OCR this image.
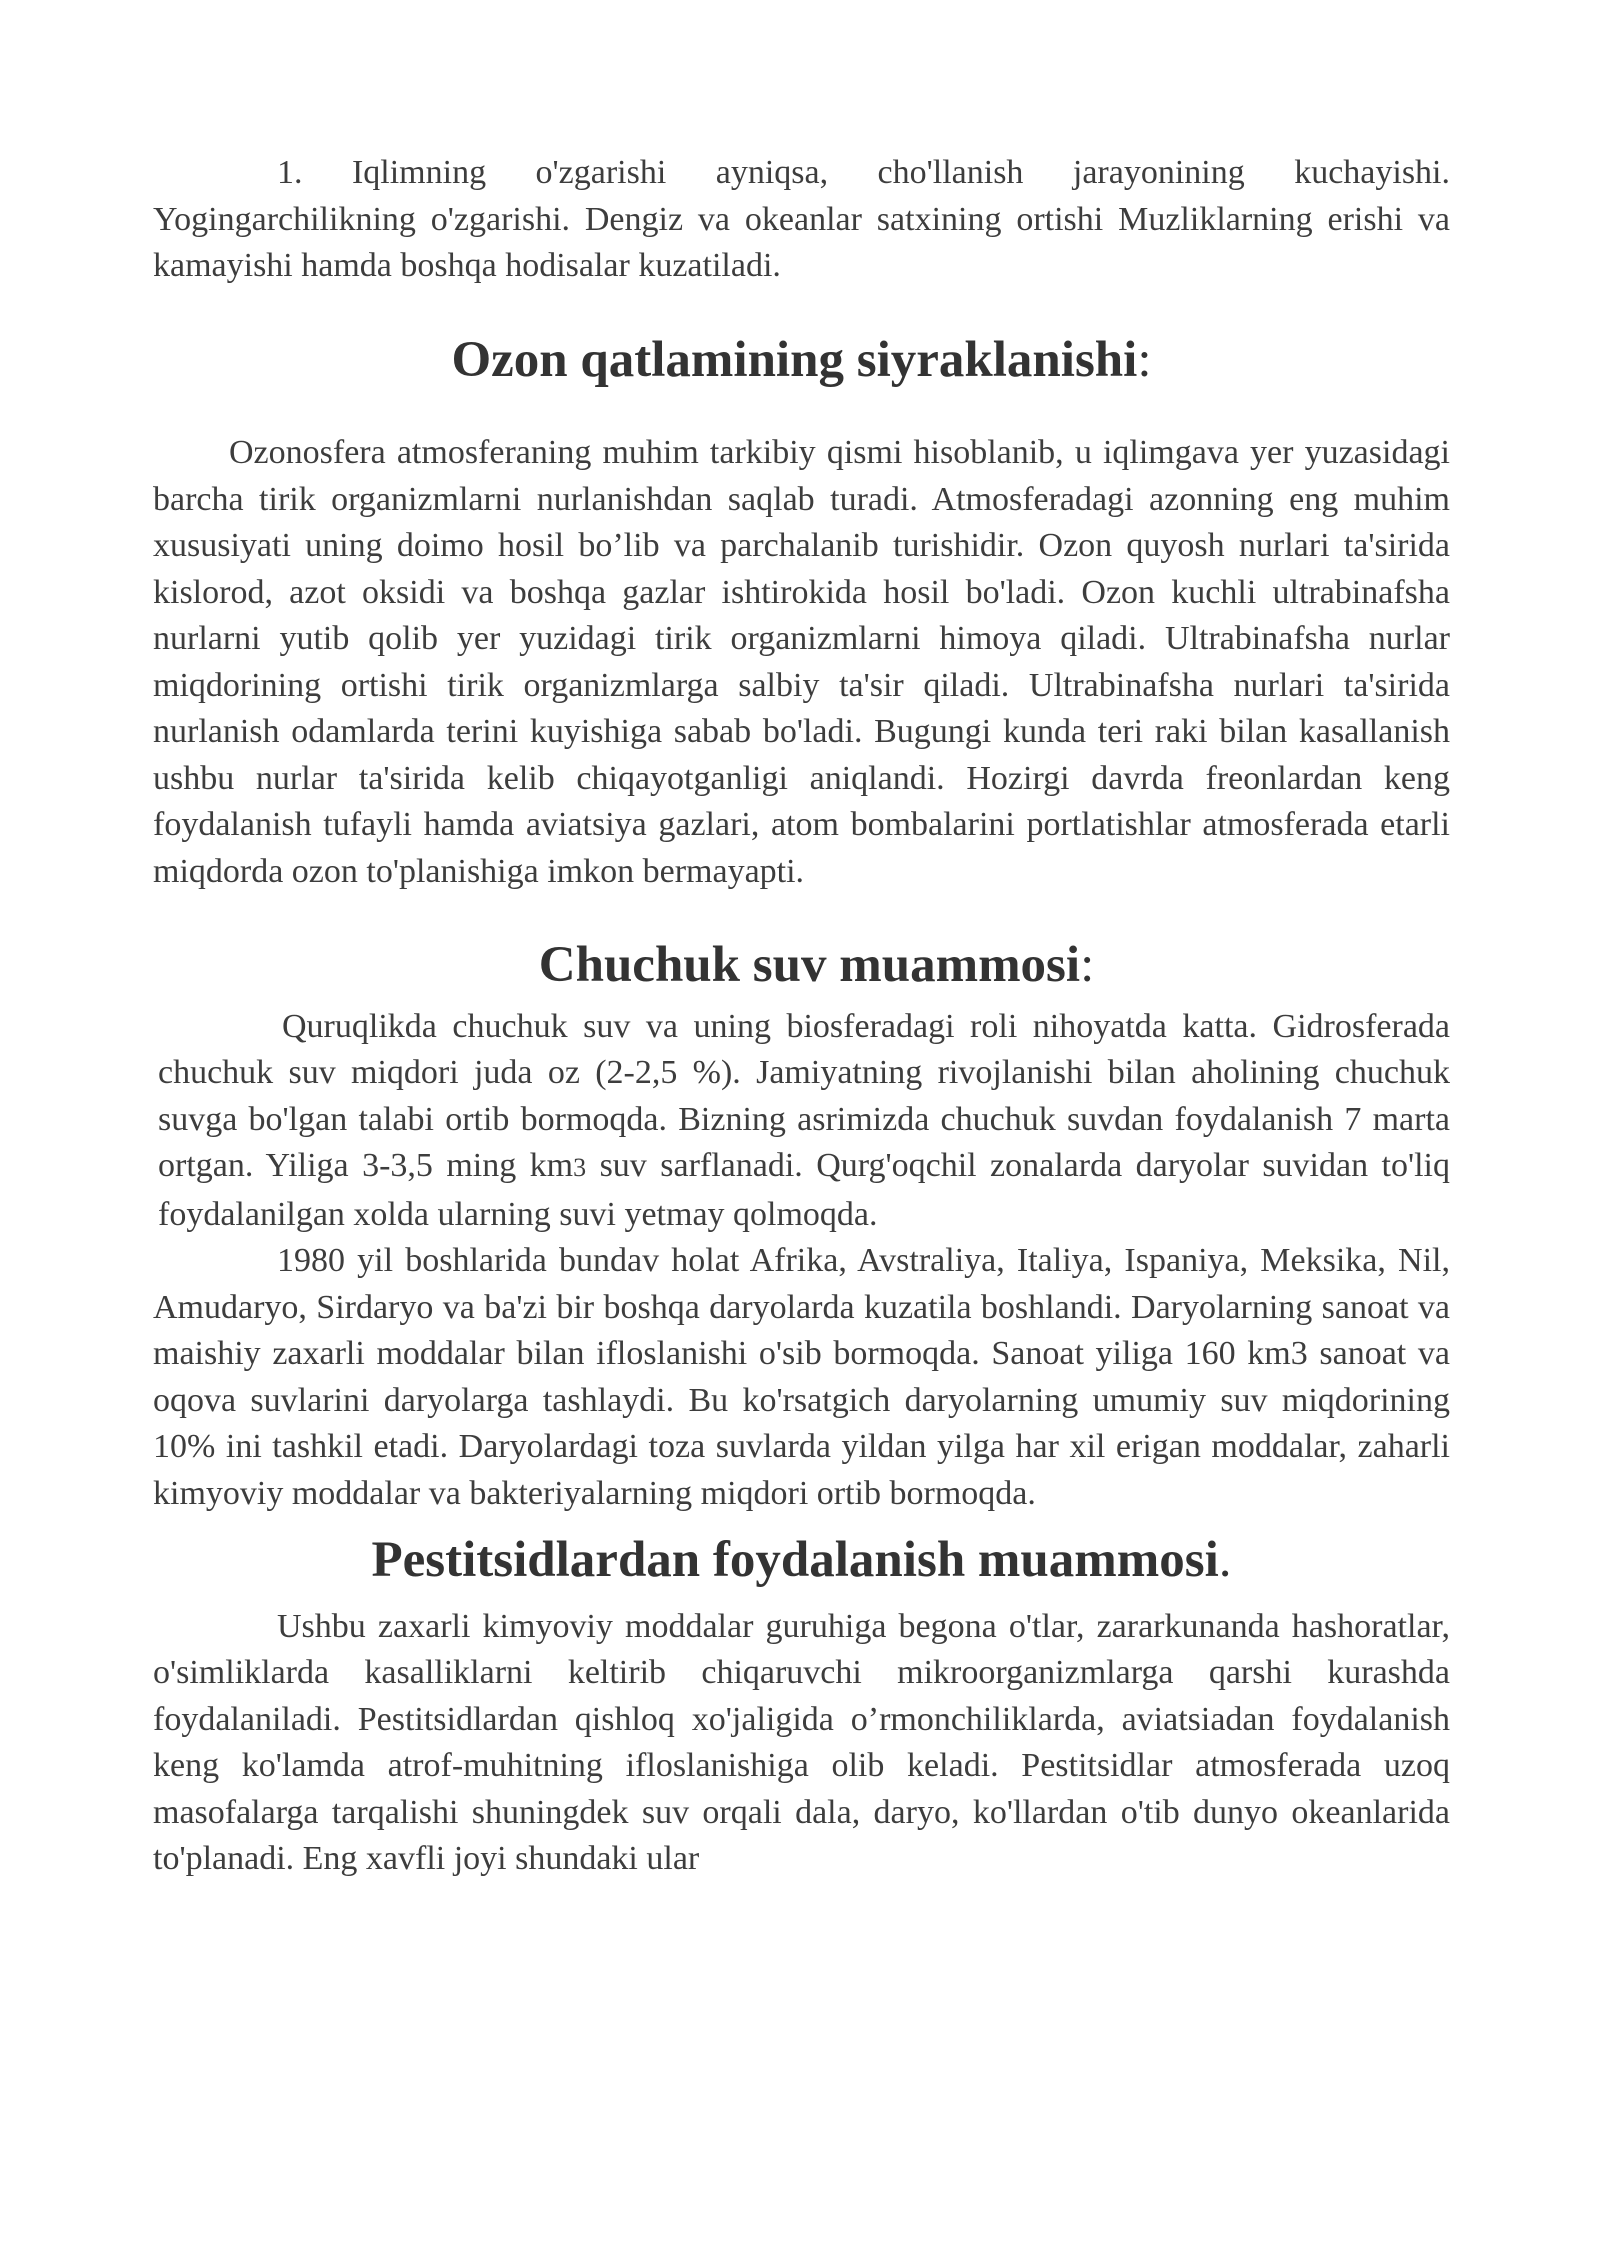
1. Iqlimning o'zgarishi ayniqsa, cho'llanish jarayonining kuchayishi. Yogingarchilikning o'zgarishi. Dengiz va okeanlar satxining ortishi Muzliklarning erishi va kamayishi hamda boshqa hodisalar kuzatiladi.

Ozon qatlamining siyraklanishi:

Ozonosfera atmosferaning muhim tarkibiy qismi hisoblanib, u iqlimgava yer yuzasidagi barcha tirik organizmlarni nurlanishdan saqlab turadi. Atmosferadagi azonning eng muhim xususiyati uning doimo hosil bo’lib va parchalanib turishidir. Ozon quyosh nurlari ta'sirida kislorod, azot oksidi va boshqa gazlar ishtirokida hosil bo'ladi. Ozon kuchli ultrabinafsha nurlarni yutib qolib yer yuzidagi tirik organizmlarni himoya qiladi. Ultrabinafsha nurlar miqdorining ortishi tirik organizmlarga salbiy ta'sir qiladi. Ultrabinafsha nurlari ta'sirida nurlanish odamlarda terini kuyishiga sabab bo'ladi. Bugungi kunda teri raki bilan kasallanish ushbu nurlar ta'sirida kelib chiqayotganligi aniqlandi. Hozirgi davrda freonlardan keng foydalanish tufayli hamda aviatsiya gazlari, atom bombalarini portlatishlar atmosferada etarli miqdorda ozon to'planishiga imkon bermayapti.

Chuchuk suv muammosi:

Quruqlikda chuchuk suv va uning biosferadagi roli nihoyatda katta. Gidrosferada chuchuk suv miqdori juda oz (2-2,5 %). Jamiyatning rivojlanishi bilan aholining chuchuk suvga bo'lgan talabi ortib bormoqda. Bizning asrimizda chuchuk suvdan foydalanish 7 marta ortgan. Yiliga 3-3,5 ming km3 suv sarflanadi. Qurg'oqchil zonalarda daryolar suvidan to'liq foydalanilgan xolda ularning suvi yetmay qolmoqda.

1980 yil boshlarida bundav holat Afrika, Avstraliya, Italiya, Ispaniya, Meksika, Nil, Amudaryo, Sirdaryo va ba'zi bir boshqa daryolarda kuzatila boshlandi. Daryolarning sanoat va maishiy zaxarli moddalar bilan ifloslanishi o'sib bormoqda. Sanoat yiliga 160 km3 sanoat va oqova suvlarini daryolarga tashlaydi. Bu ko'rsatgich daryolarning umumiy suv miqdorining 10% ini tashkil etadi. Daryolardagi toza suvlarda yildan yilga har xil erigan moddalar, zaharli kimyoviy moddalar va bakteriyalarning miqdori ortib bormoqda.

Pestitsidlardan foydalanish muammosi.

Ushbu zaxarli kimyoviy moddalar guruhiga begona o'tlar, zararkunanda hashoratlar, o'simliklarda kasalliklarni keltirib chiqaruvchi mikroorganizmlarga qarshi kurashda foydalaniladi. Pestitsidlardan qishloq xo'jaligida o’rmonchiliklarda, aviatsiadan foydalanish keng ko'lamda atrof-muhitning ifloslanishiga olib keladi. Pestitsidlar atmosferada uzoq masofalarga tarqalishi shuningdek suv orqali dala, daryo, ko'llardan o'tib dunyo okeanlarida to'planadi. Eng xavfli joyi shundaki ular
